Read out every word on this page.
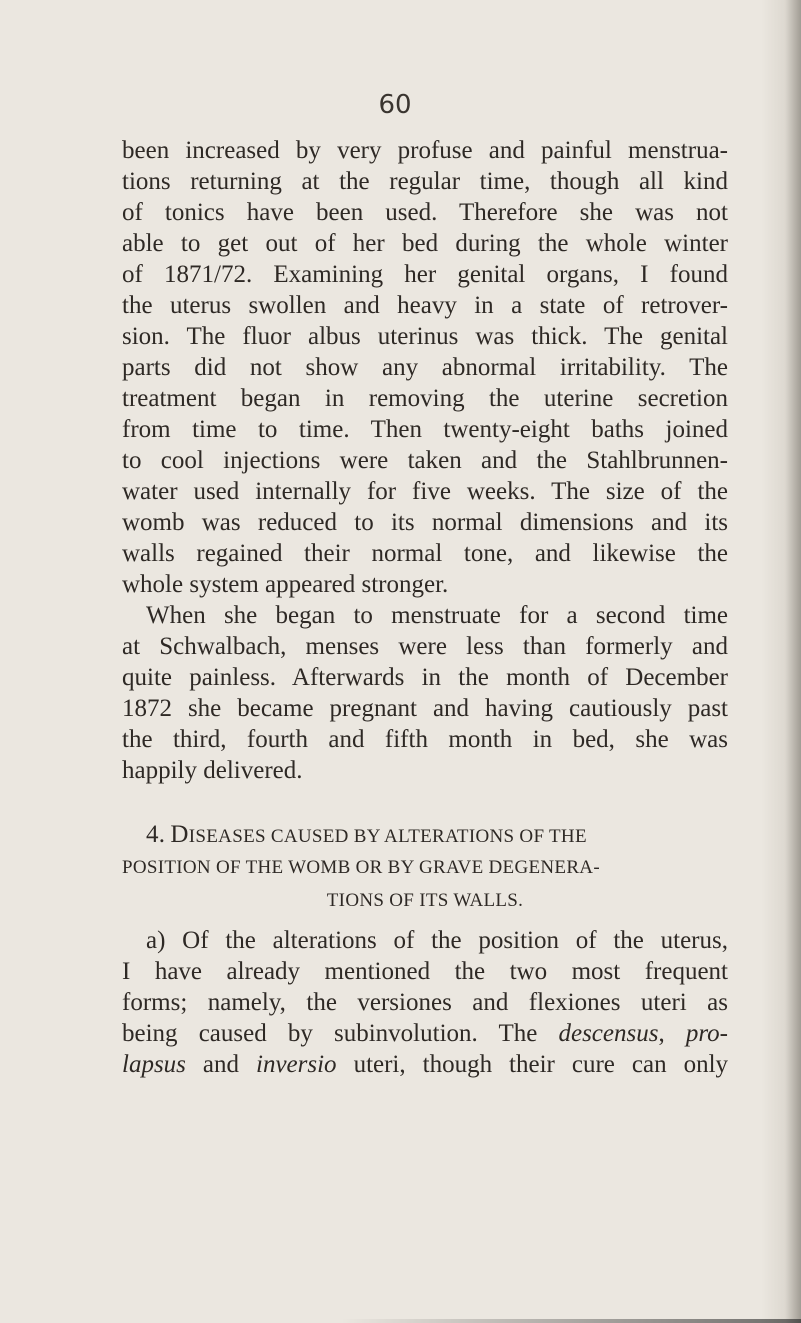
60
been increased by very profuse and painful menstrua-
tions returning at the regular time, though all kind
of tonics have been used. Therefore she was not
able to get out of her bed during the whole winter
of 1871/72. Examining her genital organs, I found
the uterus swollen and heavy in a state of retrover-
sion. The fluor albus uterinus was thick. The genital
parts did not show any abnormal irritability. The
treatment began in removing the uterine secretion
from time to time. Then twenty-eight baths joined
to cool injections were taken and the Stahlbrunnen-
water used internally for five weeks. The size of the
womb was reduced to its normal dimensions and its
walls regained their normal tone, and likewise the
whole system appeared stronger.
When she began to menstruate for a second time
at Schwalbach, menses were less than formerly and
quite painless. Afterwards in the month of December
1872 she became pregnant and having cautiously past
the third, fourth and fifth month in bed, she was
happily delivered.
4. DISEASES CAUSED BY ALTERATIONS OF THE
POSITION OF THE WOMB OR BY GRAVE DEGENERA-
TIONS OF ITS WALLS.
a) Of the alterations of the position of the uterus,
I have already mentioned the two most frequent
forms; namely, the versiones and flexiones uteri as
being caused by subinvolution. The descensus, pro-
lapsus and inversio uteri, though their cure can only
